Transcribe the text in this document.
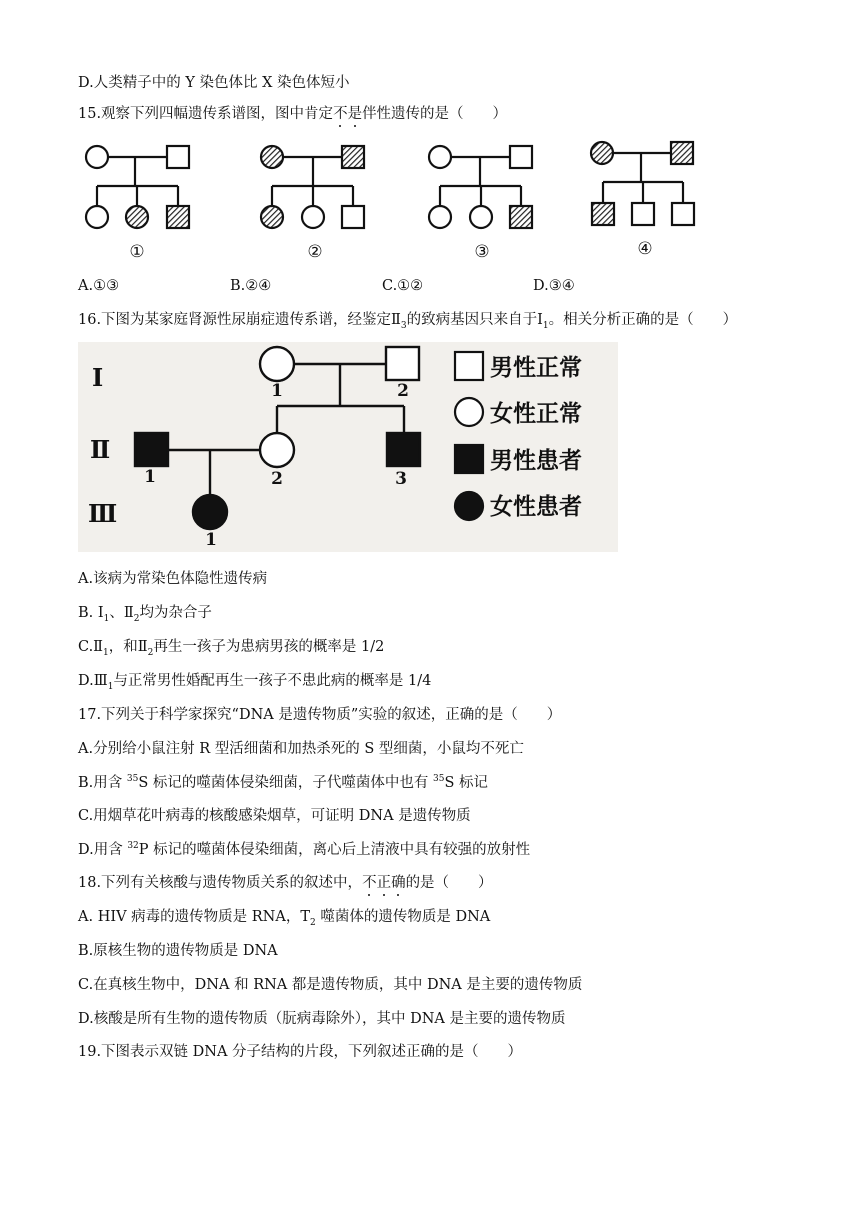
D.人类精子中的 Y 染色体比 X 染色体短小
15.观察下列四幅遗传系谱图，图中肯定不是伴性遗传的是（　　）
①	②	③	④
A.①③	B.②④	C.①②	D.③④
16.下图为某家庭肾源性尿崩症遗传系谱，经鉴定$Ⅱ_3$的致病基因只来自于$Ⅰ_1$。相关分析正确的是（　　）
Ⅰ
Ⅱ
Ⅲ
1	2
1	2	3
1
男性正常
女性正常
男性患者
女性患者
A.该病为常染色体隐性遗传病
B. $Ⅰ_1$、$Ⅱ_2$均为杂合子
$C.Ⅱ_1$，和$Ⅱ_2$再生一孩子为患病男孩的概率是 1/2
$D.Ⅲ_1$与正常男性婚配再生一孩子不患此病的概率是 1/4
17.下列关于科学家探究“DNA 是遗传物质”实验的叙述，正确的是（　　）
A.分别给小鼠注射 R 型活细菌和加热杀死的 S 型细菌，小鼠均不死亡
B.用含 $^{35}$S 标记的噬菌体侵染细菌，子代噬菌体中也有 $^{35}$S 标记
C.用烟草花叶病毒的核酸感染烟草，可证明 DNA 是遗传物质
D.用含 $^{32}$P 标记的噬菌体侵染细菌，离心后上清液中具有较强的放射性
18.下列有关核酸与遗传物质关系的叙述中，不正确的是（　　）
A. HIV 病毒的遗传物质是 RNA，$T_2$ 噬菌体的遗传物质是 DNA
B.原核生物的遗传物质是 DNA
C.在真核生物中，DNA 和 RNA 都是遗传物质，其中 DNA 是主要的遗传物质
D.核酸是所有生物的遗传物质（朊病毒除外），其中 DNA 是主要的遗传物质
19.下图表示双链 DNA 分子结构的片段，下列叙述正确的是（　　）
